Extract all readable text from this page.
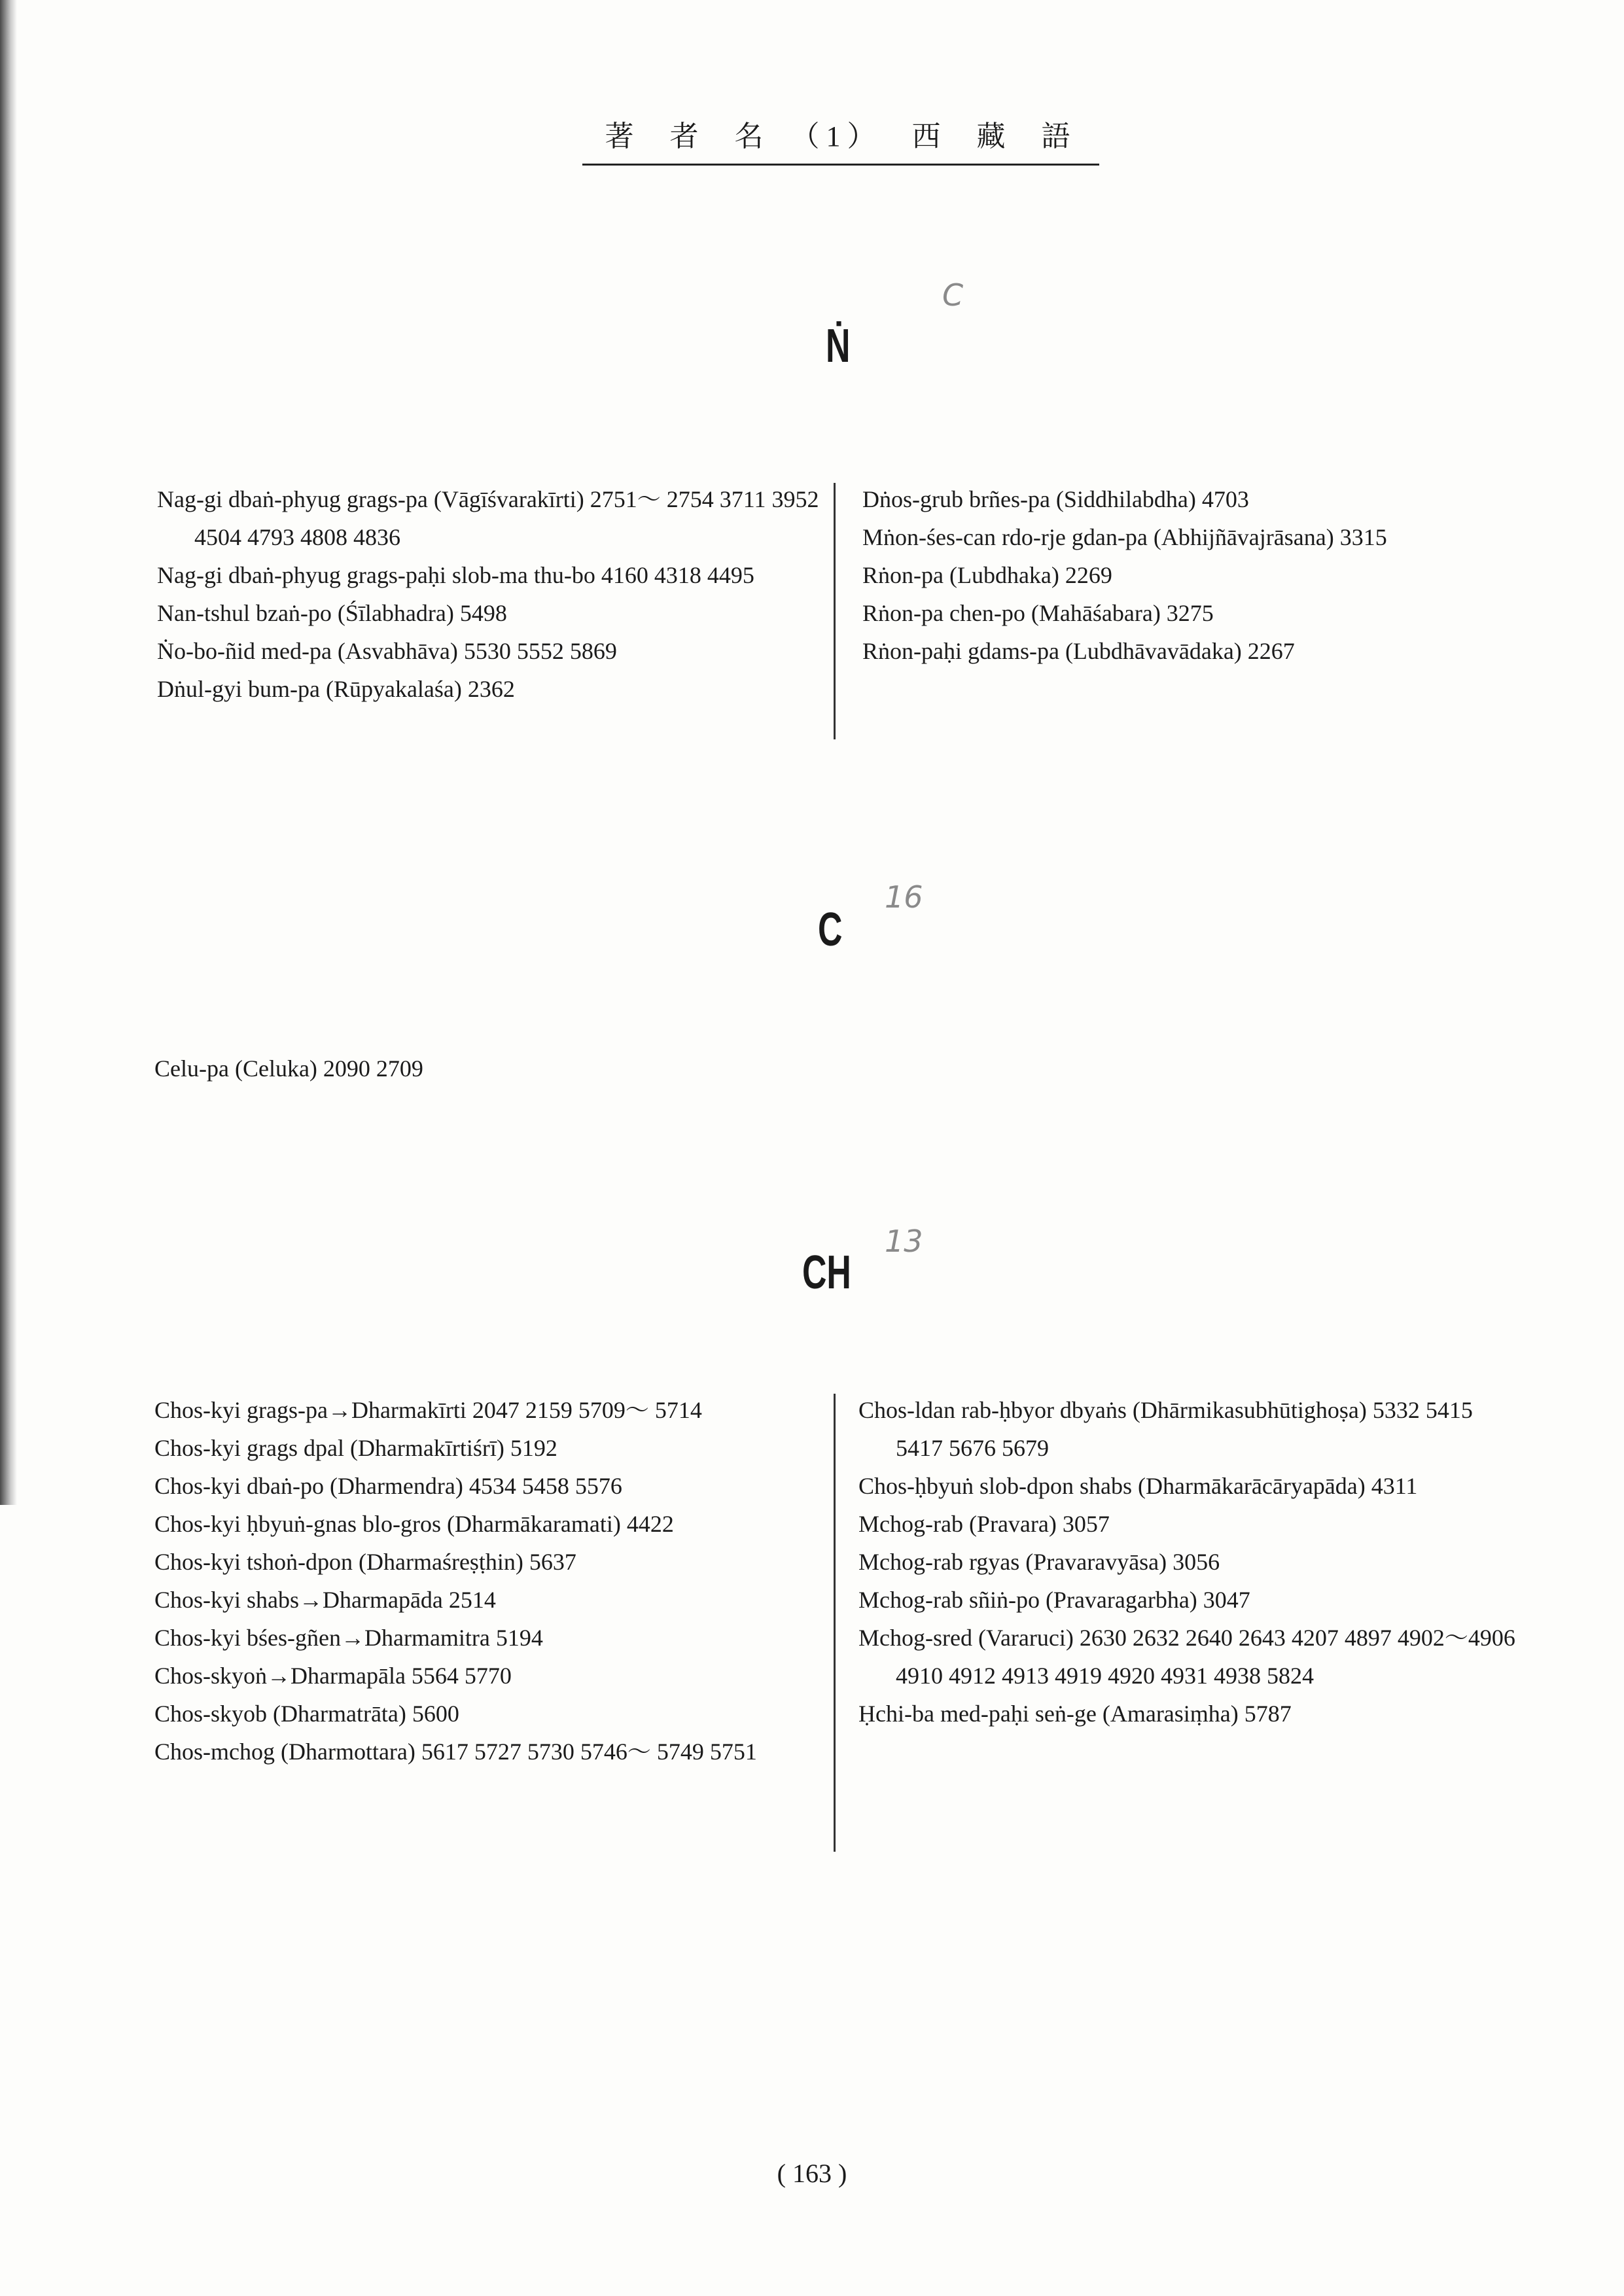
著 者 名　（1） 西 藏 語
Ṅ
C

Nag-gi dbaṅ-phyug grags-pa (Vāgīśvarakīrti) 2751～ 2754 3711 3952 4504 4793 4808 4836

Nag-gi dbaṅ-phyug grags-paḥi slob-ma thu-bo 4160 4318 4495

Nan-tshul bzaṅ-po (Śīlabhadra) 5498

Ṅo-bo-ñid med-pa (Asvabhāva) 5530 5552 5869

Dṅul-gyi bum-pa (Rūpyakalaśa) 2362

Dṅos-grub brñes-pa (Siddhilabdha) 4703

Mṅon-śes-can rdo-rje gdan-pa (Abhijñāvajrāsana) 3315

Rṅon-pa (Lubdhaka) 2269

Rṅon-pa chen-po (Mahāśabara) 3275

Rṅon-paḥi gdams-pa (Lubdhāvavādaka) 2267

C
16

Celu-pa (Celuka) 2090 2709

CH
13

Chos-kyi grags-pa→Dharmakīrti 2047 2159 5709～ 5714

Chos-kyi grags dpal (Dharmakīrtiśrī) 5192

Chos-kyi dbaṅ-po (Dharmendra) 4534 5458 5576

Chos-kyi ḥbyuṅ-gnas blo-gros (Dharmākaramati) 4422

Chos-kyi tshoṅ-dpon (Dharmaśreṣṭhin) 5637

Chos-kyi shabs→Dharmapāda 2514

Chos-kyi bśes-gñen→Dharmamitra 5194

Chos-skyoṅ→Dharmapāla 5564 5770

Chos-skyob (Dharmatrāta) 5600

Chos-mchog (Dharmottara) 5617 5727 5730 5746～ 5749 5751

Chos-ldan rab-ḥbyor dbyaṅs (Dhārmikasubhūtighoṣa) 5332 5415 5417 5676 5679

Chos-ḥbyuṅ slob-dpon shabs (Dharmākarācāryapāda) 4311

Mchog-rab (Pravara) 3057

Mchog-rab rgyas (Pravaravyāsa) 3056

Mchog-rab sñiṅ-po (Pravaragarbha) 3047

Mchog-sred (Vararuci) 2630 2632 2640 2643 4207 4897 4902～4906 4910 4912 4913 4919 4920 4931 4938 5824

Ḥchi-ba med-paḥi seṅ-ge (Amarasiṃha) 5787

( 163 )
